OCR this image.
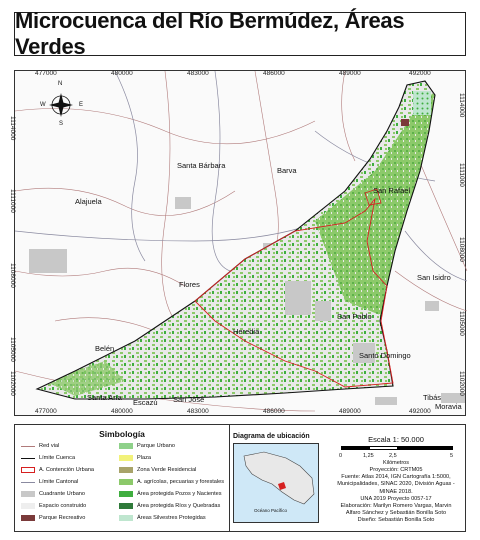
Microcuenca del Río Bermúdez, Áreas Verdes
N
S
E
W
477000	480000	483000	486000	489000	492000
477000	480000	483000	486000	489000	492000
1114000
1111000
1108000
1105000
1102000
1114000
1111000
1108000
1105000
1102000
Santa Bárbara
Barva
Alajuela
San Rafael
Flores
San Isidro
Heredia
San Pablo
Belén
Santo Domingo
Santa Ana
Escazú San José	Tibás
Moravia
Simbología
Red vial
Límite Cuenca
A. Contención Urbana
Límite Cantonal
Cuadrante Urbano
Espacio construido
Parque Recreativo
Parque Urbano
Plaza
Zona Verde Residencial
A. agrícolas, pecuarias y forestales
Área protegida Pozos y Nacientes
Área protegida Ríos y Quebradas
Áreas Silvestres Protegidas
Diagrama de ubicación
Océano Pacífico
Escala 1: 50.000
0	1,25	2,5	5
Kilómetros
Proyección: CRTM05
Fuente: Atlas 2014, IGN Cartografía 1:5000,
Municipalidades, SINAC 2020, División Aguas -
MINAE 2018.
UNA 2019 Proyecto 0057-17
Elaboración: Marilyn Romero Vargas, Marvin
Alfaro Sánchez y Sebastián Bonilla Soto
Diseño: Sebastián Bonilla Soto
